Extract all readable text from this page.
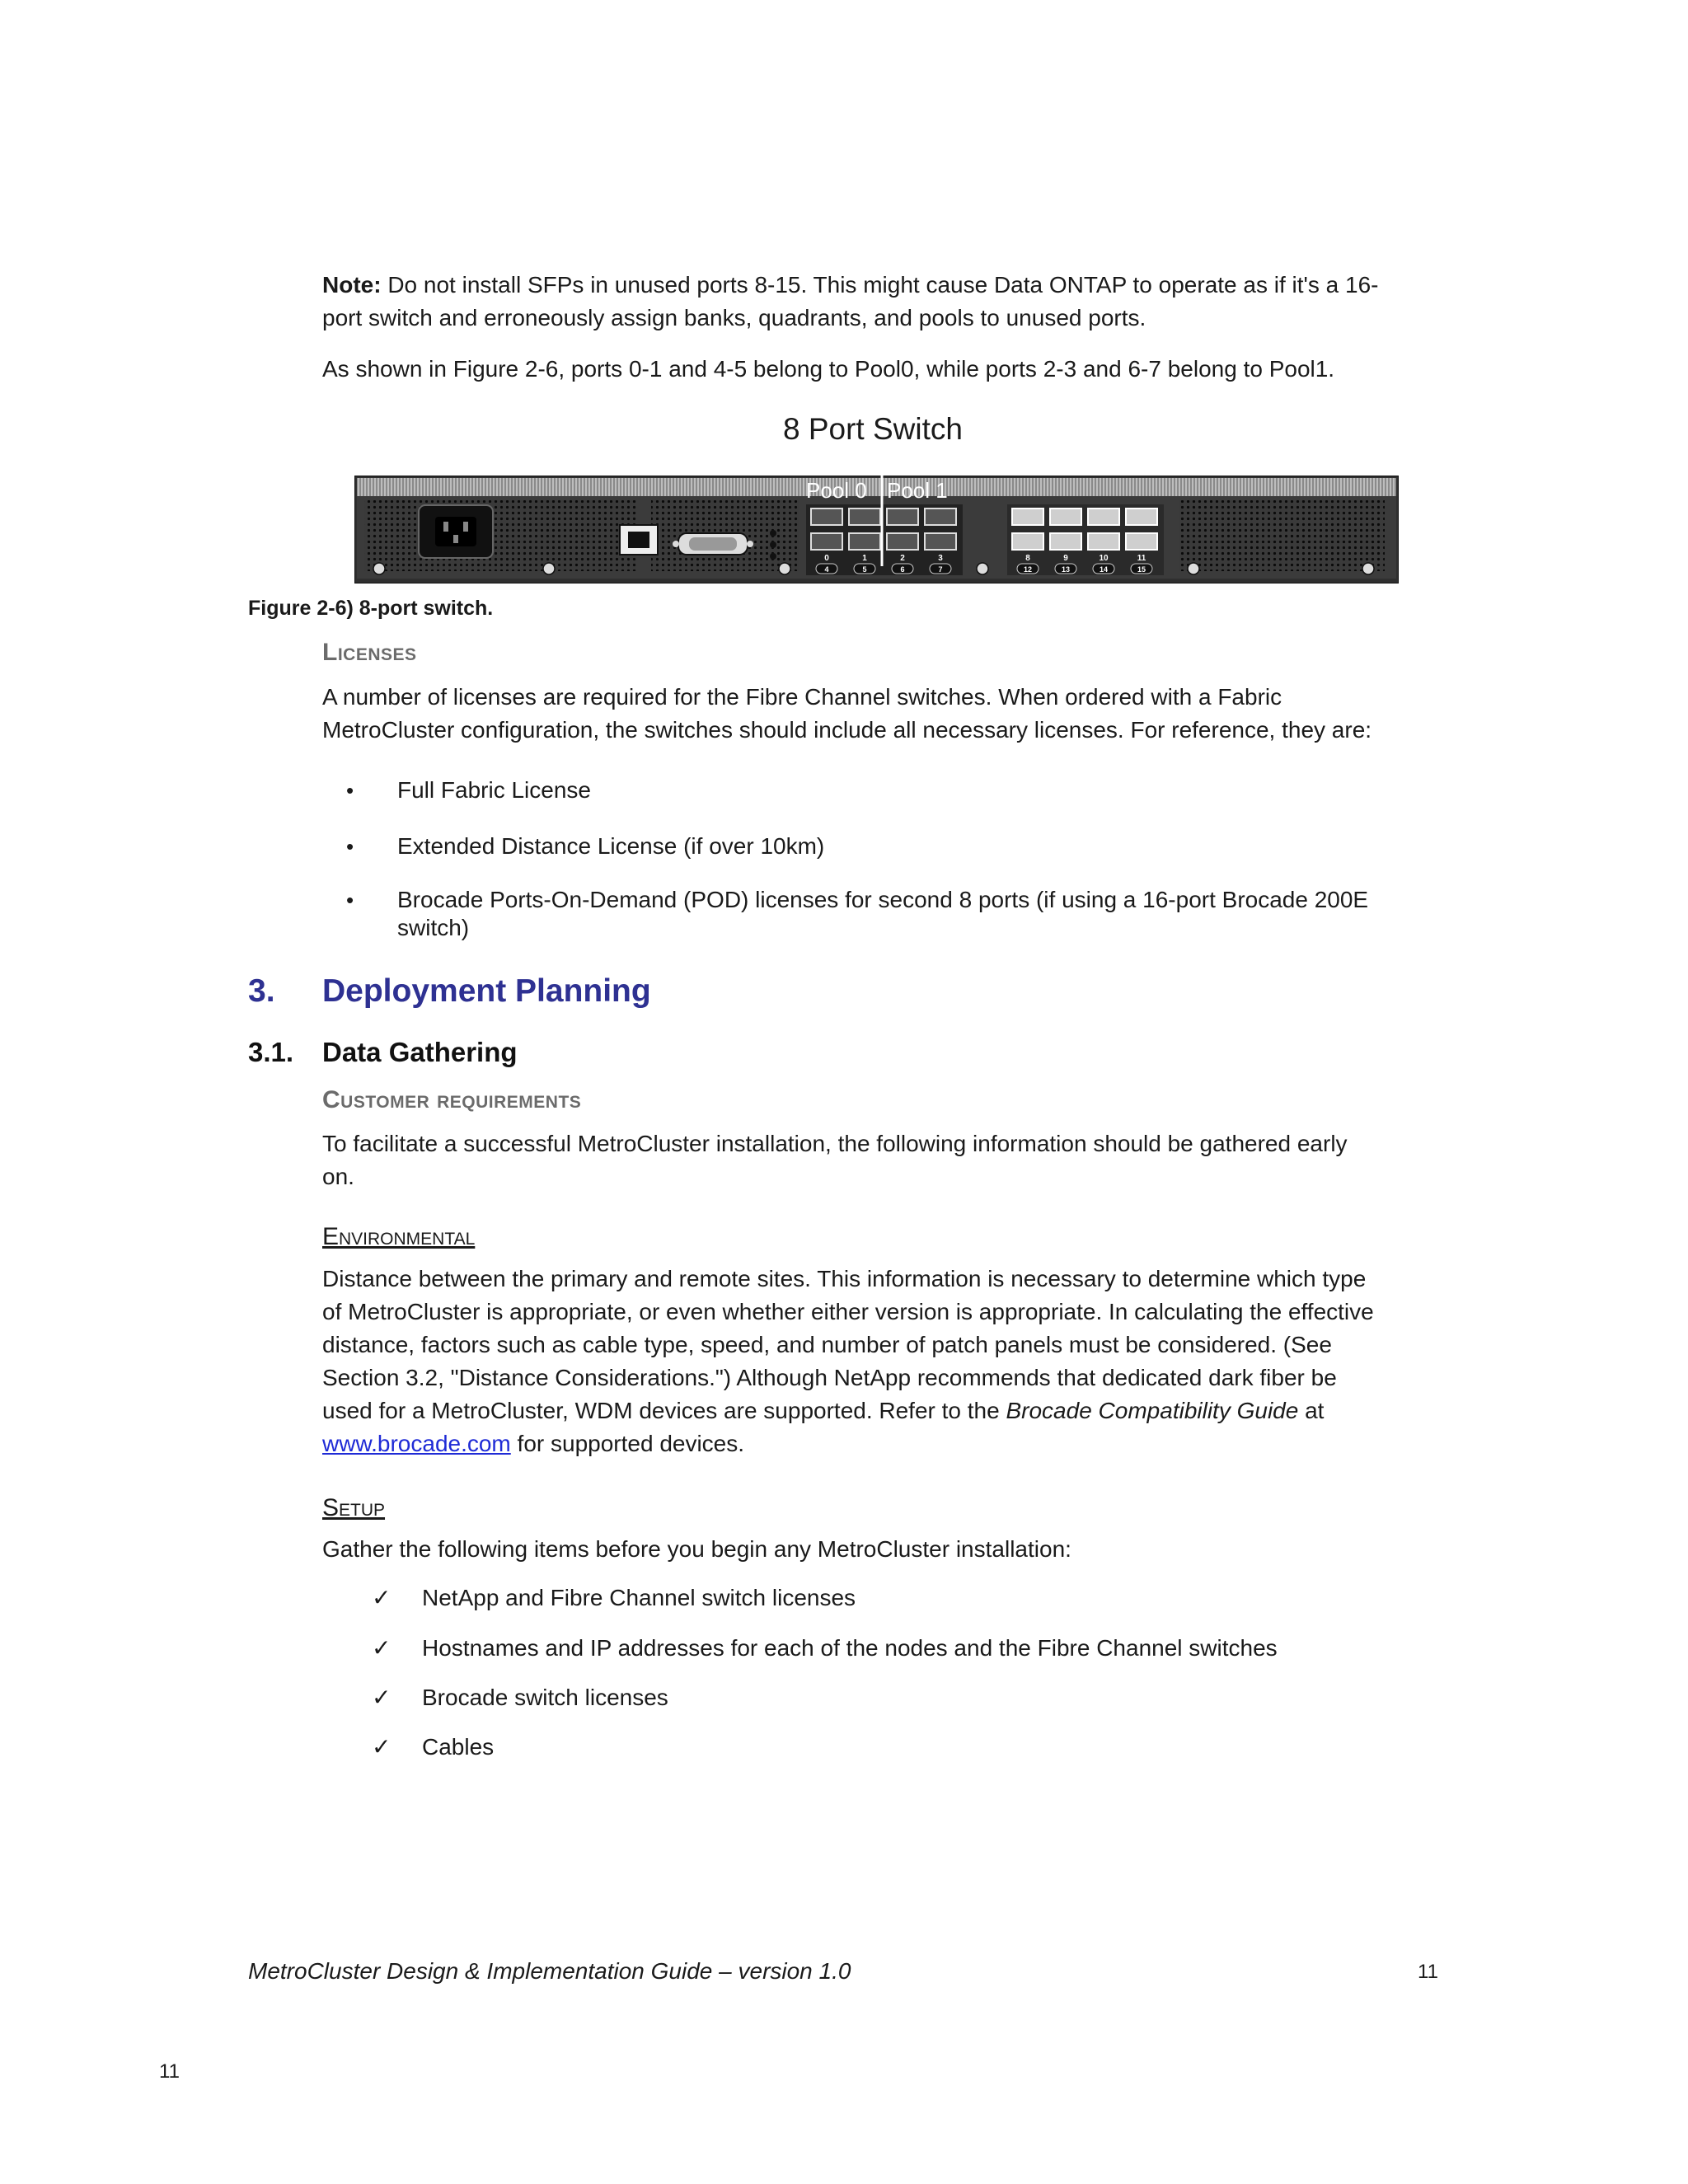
Note: Do not install SFPs in unused ports 8-15. This might cause Data ONTAP to operate as if it's a 16-
port switch and erroneously assign banks, quadrants, and pools to unused ports.

As shown in Figure 2-6, ports 0-1 and 4-5 belong to Pool0, while ports 2-3 and 6-7 belong to Pool1.

8 Port Switch
0	1	2	3	8	9	10	11
4	5	6	7	12	13	14	15
Pool 0 Pool 1
Figure 2-6) 8-port switch.
Licenses

A number of licenses are required for the Fibre Channel switches. When ordered with a Fabric
MetroCluster configuration, the switches should include all necessary licenses. For reference, they are:

• Full Fabric License
• Extended Distance License (if over 10km)
• Brocade Ports-On-Demand (POD) licenses for second 8 ports (if using a 16-port Brocade 200E
switch)
3. Deployment Planning
3.1. Data Gathering
Customer requirements

To facilitate a successful MetroCluster installation, the following information should be gathered early
on.

Environmental

Distance between the primary and remote sites. This information is necessary to determine which type
of MetroCluster is appropriate, or even whether either version is appropriate. In calculating the effective
distance, factors such as cable type, speed, and number of patch panels must be considered. (See
Section 3.2, "Distance Considerations.") Although NetApp recommends that dedicated dark fiber be
used for a MetroCluster, WDM devices are supported. Refer to the Brocade Compatibility Guide at
www.brocade.com for supported devices.

Setup

Gather the following items before you begin any MetroCluster installation:

✓ NetApp and Fibre Channel switch licenses
✓ Hostnames and IP addresses for each of the nodes and the Fibre Channel switches
✓ Brocade switch licenses
✓ Cables
MetroCluster Design & Implementation Guide – version 1.0	11
11
